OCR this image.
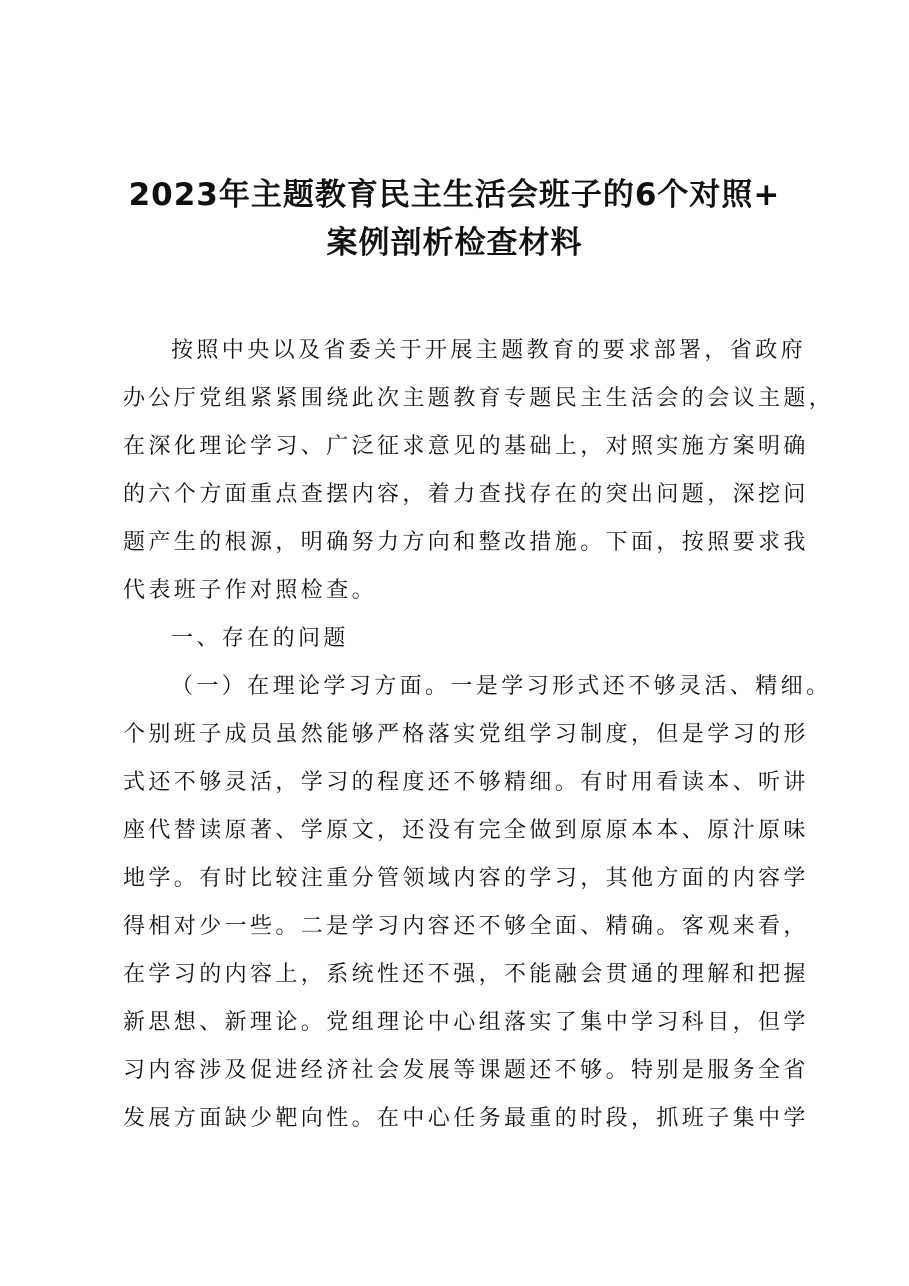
2023年主题教育民主生活会班子的6个对照+
案例剖析检查材料
按照中央以及省委关于开展主题教育的要求部署，省政府
办公厅党组紧紧围绕此次主题教育专题民主生活会的会议主题，
在深化理论学习、广泛征求意见的基础上，对照实施方案明确
的六个方面重点查摆内容，着力查找存在的突出问题，深挖问
题产生的根源，明确努力方向和整改措施。下面，按照要求我
代表班子作对照检查。
一、存在的问题
（一）在理论学习方面。一是学习形式还不够灵活、精细。
个别班子成员虽然能够严格落实党组学习制度，但是学习的形
式还不够灵活，学习的程度还不够精细。有时用看读本、听讲
座代替读原著、学原文，还没有完全做到原原本本、原汁原味
地学。有时比较注重分管领域内容的学习，其他方面的内容学
得相对少一些。二是学习内容还不够全面、精确。客观来看，
在学习的内容上，系统性还不强，不能融会贯通的理解和把握
新思想、新理论。党组理论中心组落实了集中学习科目，但学
习内容涉及促进经济社会发展等课题还不够。特别是服务全省
发展方面缺少靶向性。在中心任务最重的时段，抓班子集中学
